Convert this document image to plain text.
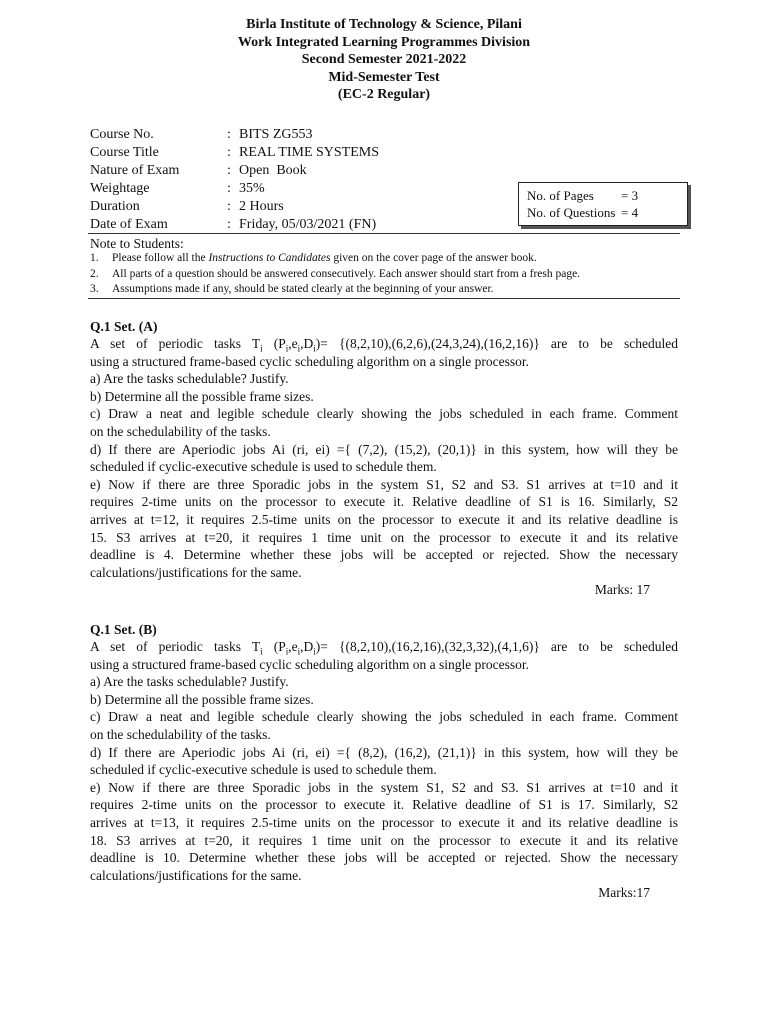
Birla Institute of Technology & Science, Pilani
Work Integrated Learning Programmes Division
Second Semester 2021-2022
Mid-Semester Test
(EC-2 Regular)
Course No.	: BITS ZG553
Course Title	: REAL TIME SYSTEMS
Nature of Exam	: Open  Book
Weightage	: 35%
Duration	: 2 Hours
Date of Exam	: Friday, 05/03/2021 (FN)
No. of Pages	= 3
No. of Questions = 4
Note to Students:
1.	Please follow all the Instructions to Candidates given on the cover page of the answer book.
2.	All parts of a question should be answered consecutively. Each answer should start from a fresh page.
3.	Assumptions made if any, should be stated clearly at the beginning of your answer.
Q.1 Set. (A)
A set of periodic tasks $T_i$ $(P_i,e_i,D_i)= \{(8,2,10),(6,2,6),(24,3,24),(16,2,16)\}$ are to be scheduled
using a structured frame-based cyclic scheduling algorithm on a single processor.
a) Are the tasks schedulable? Justify.
b) Determine all the possible frame sizes.
c) Draw a neat and legible schedule clearly showing the jobs scheduled in each frame. Comment
on the schedulability of the tasks.
d) If there are Aperiodic jobs Ai (ri, ei) ={ (7,2), (15,2), (20,1)} in this system, how will they be
scheduled if cyclic-executive schedule is used to schedule them.
e) Now if there are three Sporadic jobs in the system S1, S2 and S3. S1 arrives at t=10 and it
requires 2-time units on the processor to execute it. Relative deadline of S1 is 16. Similarly, S2
arrives at t=12, it requires 2.5-time units on the processor to execute it and its relative deadline is
15. S3 arrives at t=20, it requires 1 time unit on the processor to execute it and its relative
deadline is 4. Determine whether these jobs will be accepted or rejected. Show the necessary
calculations/justifications for the same.
Marks: 17
Q.1 Set. (B)
A set of periodic tasks $T_i$ $(P_i,e_i,D_i)= \{(8,2,10),(16,2,16),(32,3,32),(4,1,6)\}$ are to be scheduled
using a structured frame-based cyclic scheduling algorithm on a single processor.
a) Are the tasks schedulable? Justify.
b) Determine all the possible frame sizes.
c) Draw a neat and legible schedule clearly showing the jobs scheduled in each frame. Comment
on the schedulability of the tasks.
d) If there are Aperiodic jobs Ai (ri, ei) ={ (8,2), (16,2), (21,1)} in this system, how will they be
scheduled if cyclic-executive schedule is used to schedule them.
e) Now if there are three Sporadic jobs in the system S1, S2 and S3. S1 arrives at t=10 and it
requires 2-time units on the processor to execute it. Relative deadline of S1 is 17. Similarly, S2
arrives at t=13, it requires 2.5-time units on the processor to execute it and its relative deadline is
18. S3 arrives at t=20, it requires 1 time unit on the processor to execute it and its relative
deadline is 10. Determine whether these jobs will be accepted or rejected. Show the necessary
calculations/justifications for the same.
Marks:17
